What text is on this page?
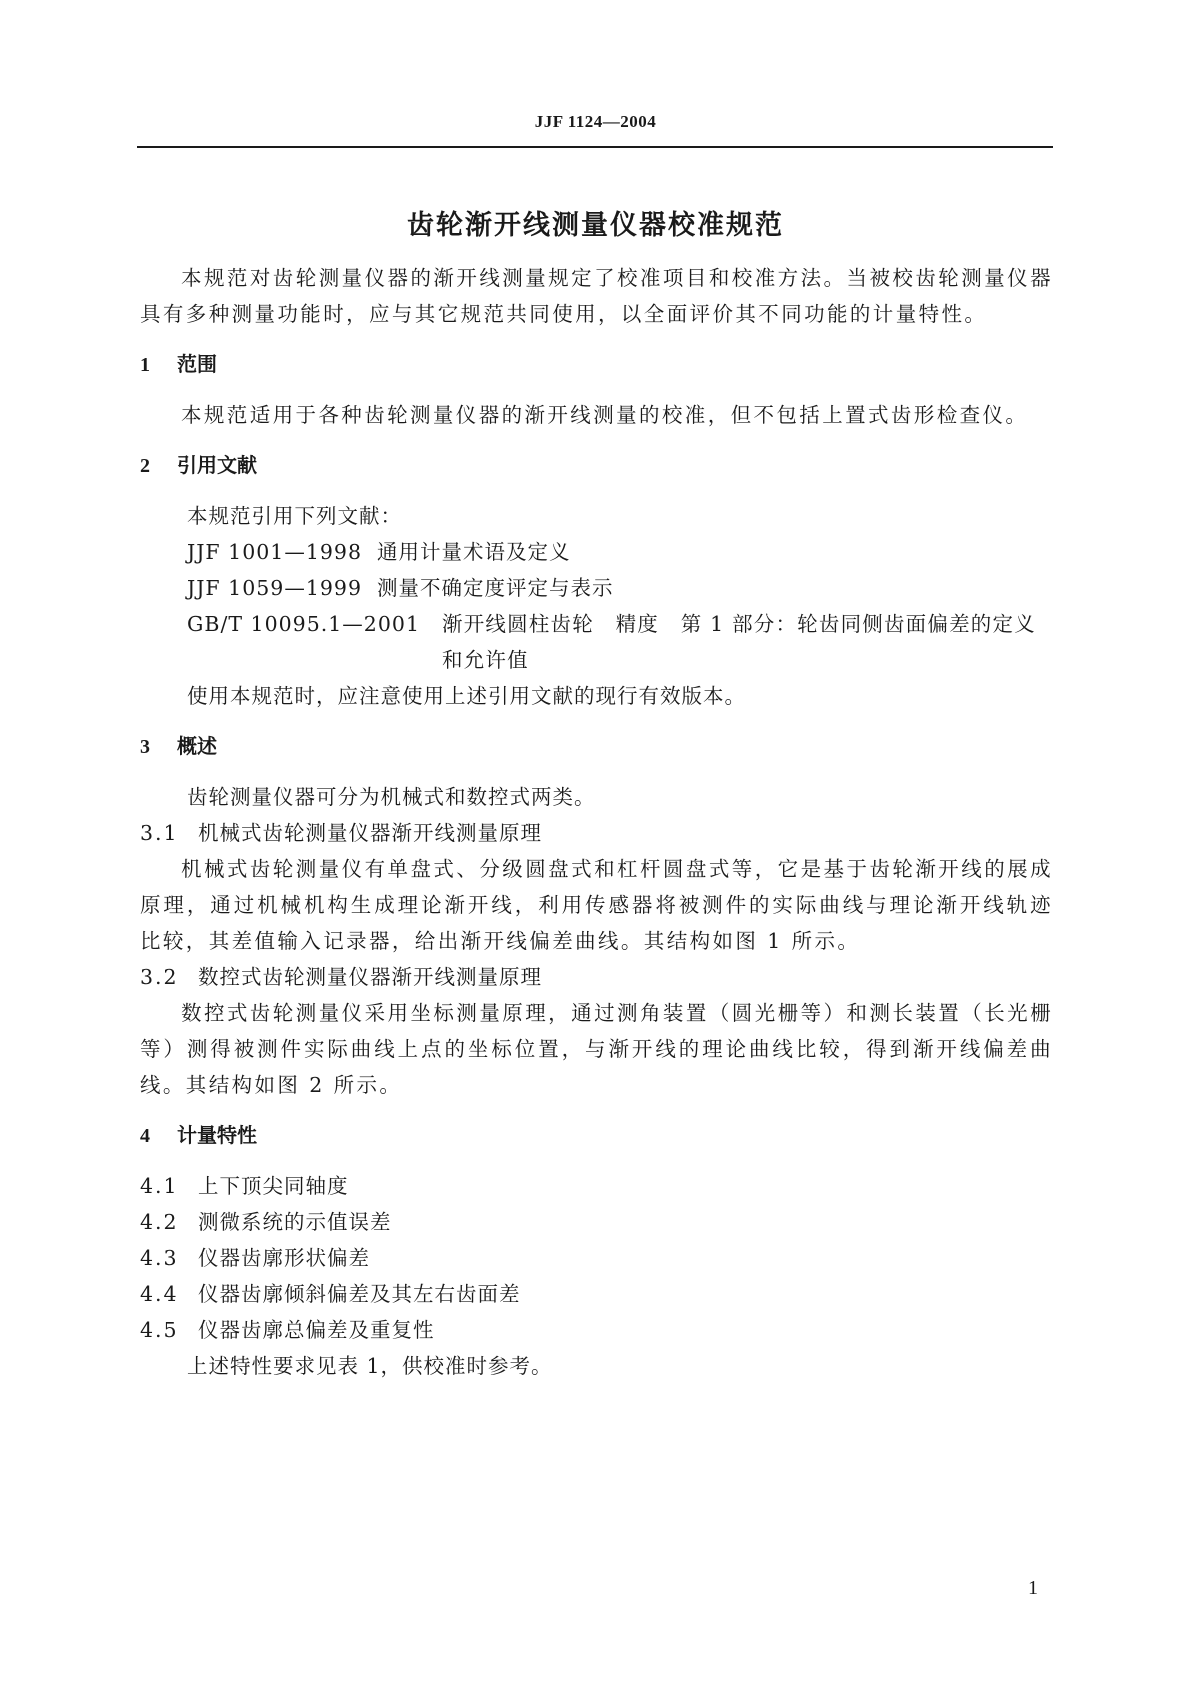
JJF 1124—2004
齿轮渐开线测量仪器校准规范

本规范对齿轮测量仪器的渐开线测量规定了校准项目和校准方法。当被校齿轮测量仪器具有多种测量功能时，应与其它规范共同使用，以全面评价其不同功能的计量特性。

1 范围

本规范适用于各种齿轮测量仪器的渐开线测量的校准，但不包括上置式齿形检查仪。

2 引用文献

本规范引用下列文献：

JJF 1001—1998 通用计量术语及定义

JJF 1059—1999 测量不确定度评定与表示

GB/T 10095.1—2001	渐开线圆柱齿轮　精度　第 1 部分：轮齿同侧齿面偏差的定义和允许值

使用本规范时，应注意使用上述引用文献的现行有效版本。

3 概述

齿轮测量仪器可分为机械式和数控式两类。

3.1 机械式齿轮测量仪器渐开线测量原理

机械式齿轮测量仪有单盘式、分级圆盘式和杠杆圆盘式等，它是基于齿轮渐开线的展成原理，通过机械机构生成理论渐开线，利用传感器将被测件的实际曲线与理论渐开线轨迹比较，其差值输入记录器，给出渐开线偏差曲线。其结构如图 1 所示。

3.2 数控式齿轮测量仪器渐开线测量原理

数控式齿轮测量仪采用坐标测量原理，通过测角装置（圆光栅等）和测长装置（长光栅等）测得被测件实际曲线上点的坐标位置，与渐开线的理论曲线比较，得到渐开线偏差曲线。其结构如图 2 所示。

4 计量特性

4.1 上下顶尖同轴度

4.2 测微系统的示值误差

4.3 仪器齿廓形状偏差

4.4 仪器齿廓倾斜偏差及其左右齿面差

4.5 仪器齿廓总偏差及重复性

上述特性要求见表 1，供校准时参考。

1
